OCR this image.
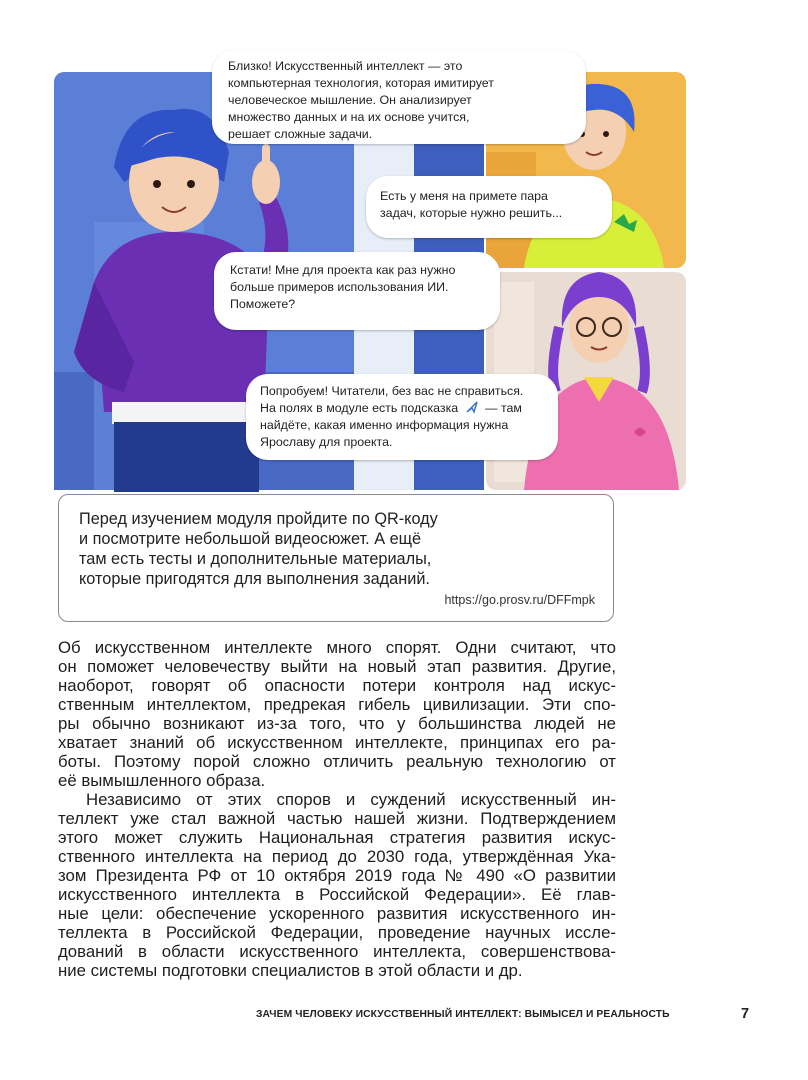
Близко! Искусственный интеллект — это
компьютерная технология, которая имитирует
человеческое мышление. Он анализирует
множество данных и на их основе учится,
решает сложные задачи.
Есть у меня на примете пара
задач, которые нужно решить...
Кстати! Мне для проекта как раз нужно
больше примеров использования ИИ.
Поможете?
Попробуем! Читатели, без вас не справиться.
На полях в модуле есть подсказка — там
найдёте, какая именно информация нужна
Ярославу для проекта.
Перед изучением модуля пройдите по QR-коду
и посмотрите небольшой видеосюжет. А ещё
там есть тесты и дополнительные материалы,
которые пригодятся для выполнения заданий.
https://go.prosv.ru/DFFmpk
Об искусственном интеллекте много спорят. Одни считают, что
он поможет человечеству выйти на новый этап развития. Другие,
наоборот, говорят об опасности потери контроля над искус-
ственным интеллектом, предрекая гибель цивилизации. Эти спо-
ры обычно возникают из-за того, что у большинства людей не
хватает знаний об искусственном интеллекте, принципах его ра-
боты. Поэтому порой сложно отличить реальную технологию от
её вымышленного образа.
Независимо от этих споров и суждений искусственный ин-
теллект уже стал важной частью нашей жизни. Подтверждением
этого может служить Национальная стратегия развития искус-
ственного интеллекта на период до 2030 года, утверждённая Ука-
зом Президента РФ от 10 октября 2019 года № 490 «О развитии
искусственного интеллекта в Российской Федерации». Её глав-
ные цели: обеспечение ускоренного развития искусственного ин-
теллекта в Российской Федерации, проведение научных иссле-
дований в области искусственного интеллекта, совершенствова-
ние системы подготовки специалистов в этой области и др.
ЗАЧЕМ ЧЕЛОВЕКУ ИСКУССТВЕННЫЙ ИНТЕЛЛЕКТ: ВЫМЫСЕЛ И РЕАЛЬНОСТЬ	7
